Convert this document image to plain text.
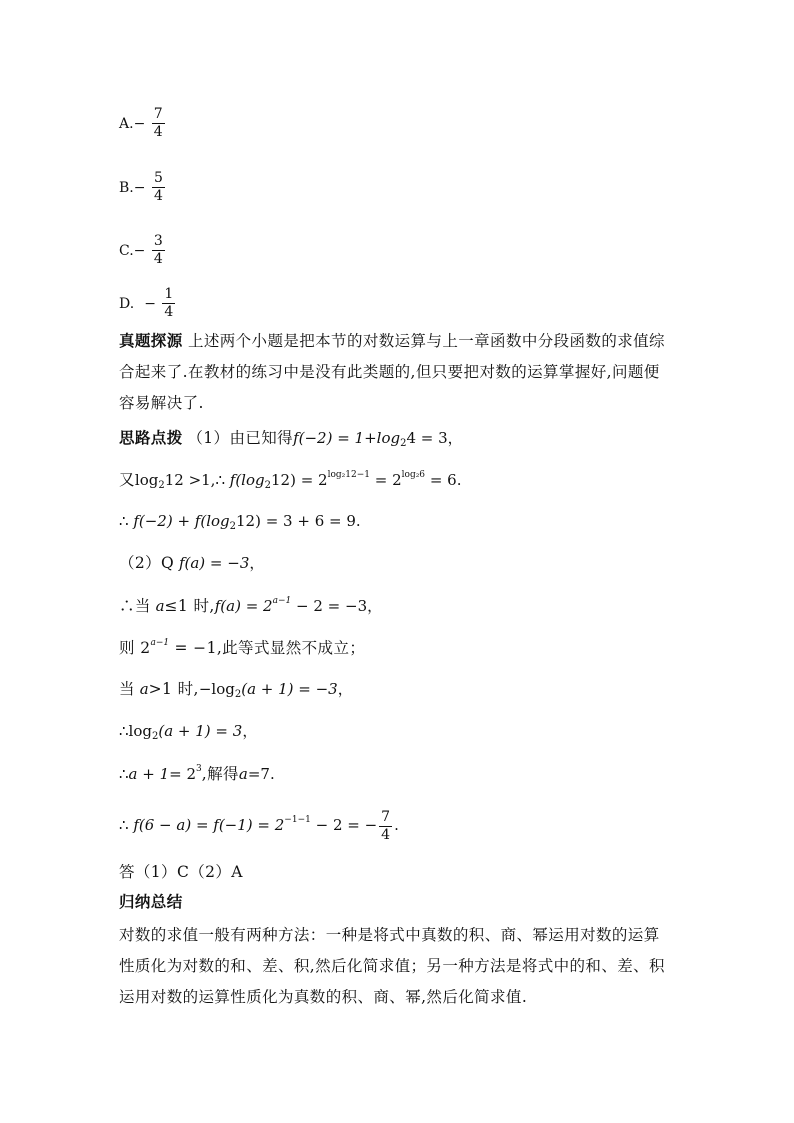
$A.- \frac{7}{4}$
$B.- \frac{5}{4}$
$C.- \frac{3}{4}$
D. − $\frac{1}{4}$
真题探源 上述两个小题是把本节的对数运算与上一章函数中分段函数的求值综
合起来了.在教材的练习中是没有此类题的,但只要把对数的运算掌握好,问题便
容易解决了.
思路点拨 （1）由已知得$f(-2) = 1+\log_24 = 3$，
又$\log_212$ >1,∴ $f(\log_212) = 2^{log_212-1} = 2^{log_26} = 6$.
∴ $f(-2) + f(\log_212) = 3 + 6 = 9$.
（2）Q f(a) = −3，
∴当 a≤1 时$,f(a) = 2^{a-1} - 2 = -3$，
则 $2^{a-1} = -1$,此等式显然不成立；
当 a>1 时$,-\log_2(a + 1) = -3$，
$\therefore\log_2(a + 1) = 3$，
∴a + $1= 2^3$,解得a=7.
∴ $f(6 - a) = f(-1) = 2^{-1-1} - 2$ = − $\frac{7}{4}$ .
答（1）C（2）A
归纳总结
对数的求值一般有两种方法：一种是将式中真数的积、商、幂运用对数的运算
性质化为对数的和、差、积,然后化简求值；另一种方法是将式中的和、差、积
运用对数的运算性质化为真数的积、商、幂,然后化简求值.
